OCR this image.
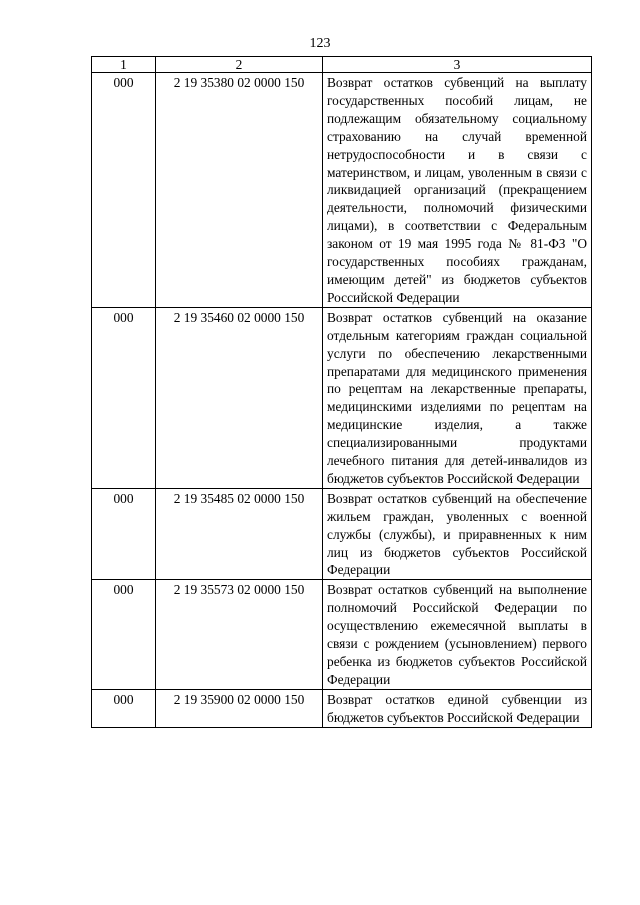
123
1	2	3
000	2 19 35380 02 0000 150	Возврат остатков субвенций на выплату государственных пособий лицам, не подлежащим обязательному социальному страхованию на случай временной нетрудоспособности и в связи с материнством, и лицам, уволенным в связи с ликвидацией организаций (прекращением деятельности, полномочий физическими лицами), в соответствии с Федеральным законом от 19 мая 1995 года № 81-ФЗ "О государственных пособиях гражданам, имеющим детей" из бюджетов субъектов Российской Федерации
000	2 19 35460 02 0000 150	Возврат остатков субвенций на оказание отдельным категориям граждан социальной услуги по обеспечению лекарственными препаратами для медицинского применения по рецептам на лекарственные препараты, медицинскими изделиями по рецептам на медицинские изделия, а также специализированными продуктами лечебного питания для детей-инвалидов из бюджетов субъектов Российской Федерации
000	2 19 35485 02 0000 150	Возврат остатков субвенций на обеспечение жильем граждан, уволенных с военной службы (службы), и приравненных к ним лиц из бюджетов субъектов Российской Федерации
000	2 19 35573 02 0000 150	Возврат остатков субвенций на выполнение полномочий Российской Федерации по осуществлению ежемесячной выплаты в связи с рождением (усыновлением) первого ребенка из бюджетов субъектов Российской Федерации
000	2 19 35900 02 0000 150	Возврат остатков единой субвенции из бюджетов субъектов Российской Федерации
